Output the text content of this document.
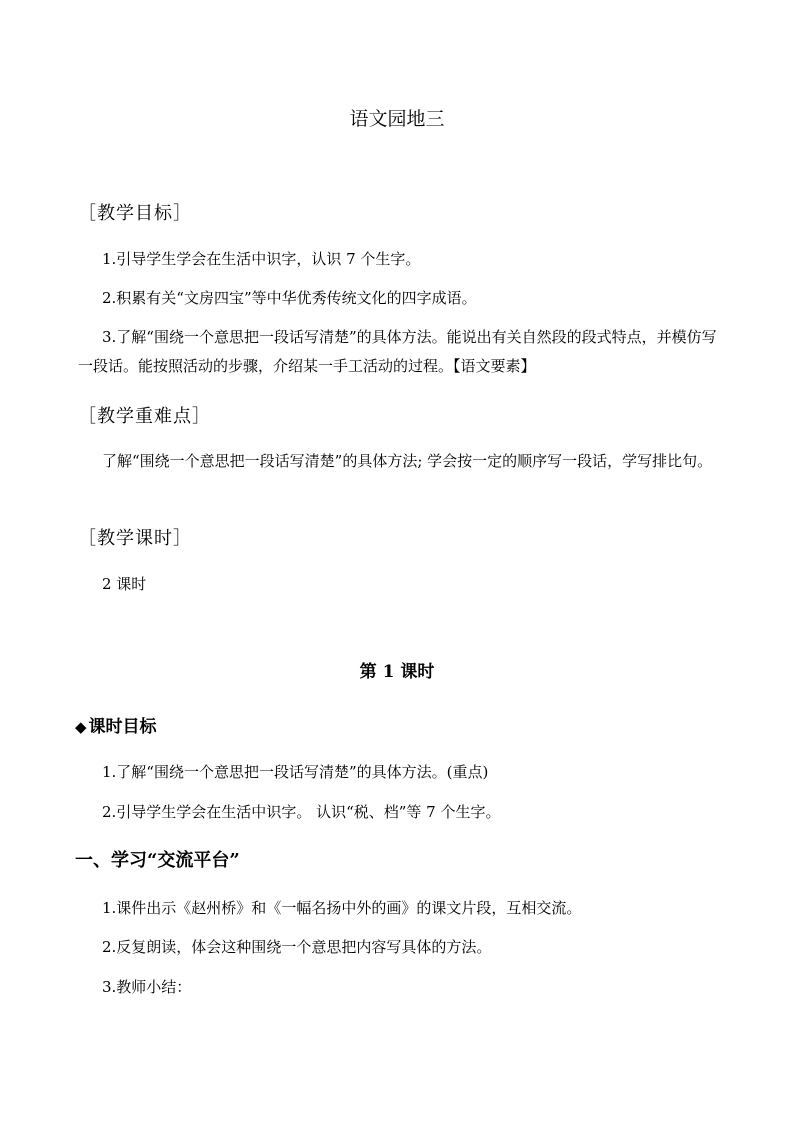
语文园地三
［教学目标］
1.引导学生学会在生活中识字，认识 7 个生字。
2.积累有关“文房四宝”等中华优秀传统文化的四字成语。
3.了解“围绕一个意思把一段话写清楚”的具体方法。能说出有关自然段的段式特点，并模仿写一段话。能按照活动的步骤，介绍某一手工活动的过程。【语文要素】
［教学重难点］
了解“围绕一个意思把一段话写清楚”的具体方法; 学会按一定的顺序写一段话，学写排比句。
［教学课时］
2 课时
第 1 课时
◆ 课时目标
1.了解“围绕一个意思把一段话写清楚”的具体方法。(重点)
2.引导学生学会在生活中识字。 认识“税、档”等 7 个生字。
一、学习“交流平台”
1.课件出示《赵州桥》和《一幅名扬中外的画》的课文片段，互相交流。
2.反复朗读，体会这种围绕一个意思把内容写具体的方法。
3.教师小结：
